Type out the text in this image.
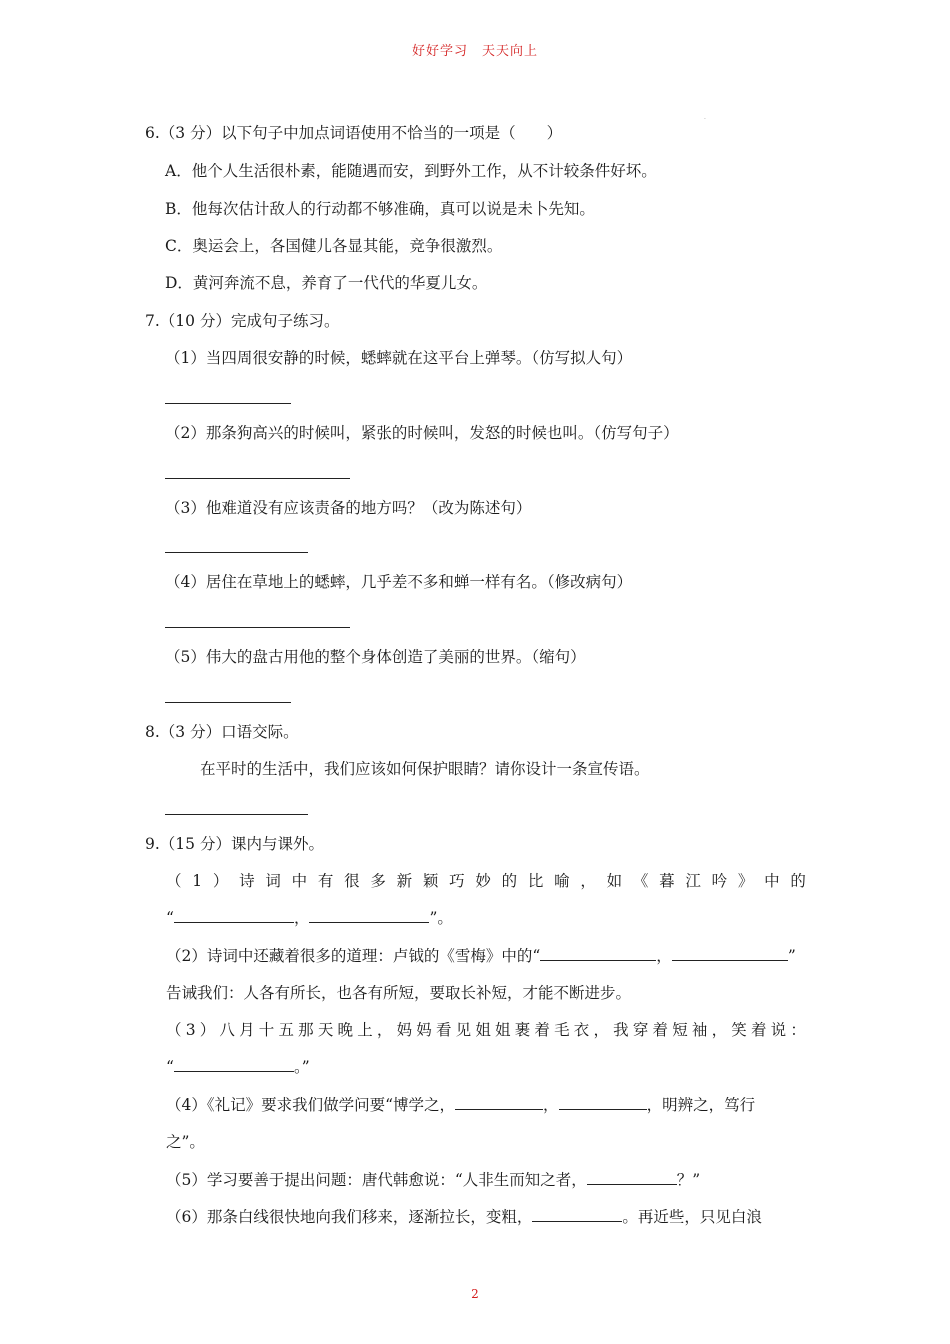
好好学习　天天向上
·
6.（3 分）以下句子中加点词语使用不恰当的一项是（　　）
A．他个人生活很朴素，能随遇而安，到野外工作，从不计较条件好坏。
B．他每次估计敌人的行动都不够准确，真可以说是未卜先知。
C．奥运会上，各国健儿各显其能，竞争很激烈。
D．黄河奔流不息，养育了一代代的华夏儿女。
7.（10 分）完成句子练习。
（1）当四周很安静的时候，蟋蟀就在这平台上弹琴。（仿写拟人句）
（2）那条狗高兴的时候叫，紧张的时候叫，发怒的时候也叫。（仿写句子）
（3）他难道没有应该责备的地方吗？（改为陈述句）
（4）居住在草地上的蟋蟀，几乎差不多和蝉一样有名。（修改病句）
（5）伟大的盘古用他的整个身体创造了美丽的世界。（缩句）
8.（3 分）口语交际。
在平时的生活中，我们应该如何保护眼睛？请你设计一条宣传语。
9.（15 分）课内与课外。
（ 1 ） 诗 词 中 有 很 多 新 颖 巧 妙 的 比 喻 ， 如 《 暮 江 吟 》 中 的
“	，	”。
（2）诗词中还藏着很多的道理：卢钺的《雪梅》中的“	，	”
告诫我们：人各有所长，也各有所短，要取长补短，才能不断进步。
（ 3 ） 八 月 十 五 那 天 晚 上 ， 妈 妈 看 见 姐 姐 裹 着 毛 衣 ， 我 穿 着 短 袖 ， 笑 着 说 ：
“	。”
（4）《礼记》要求我们做学问要“博学之，	，	，明辨之，笃行
之”。
（5）学习要善于提出问题：唐代韩愈说：“人非生而知之者，	？”
（6）那条白线很快地向我们移来，逐渐拉长，变粗，	。再近些，只见白浪
2
